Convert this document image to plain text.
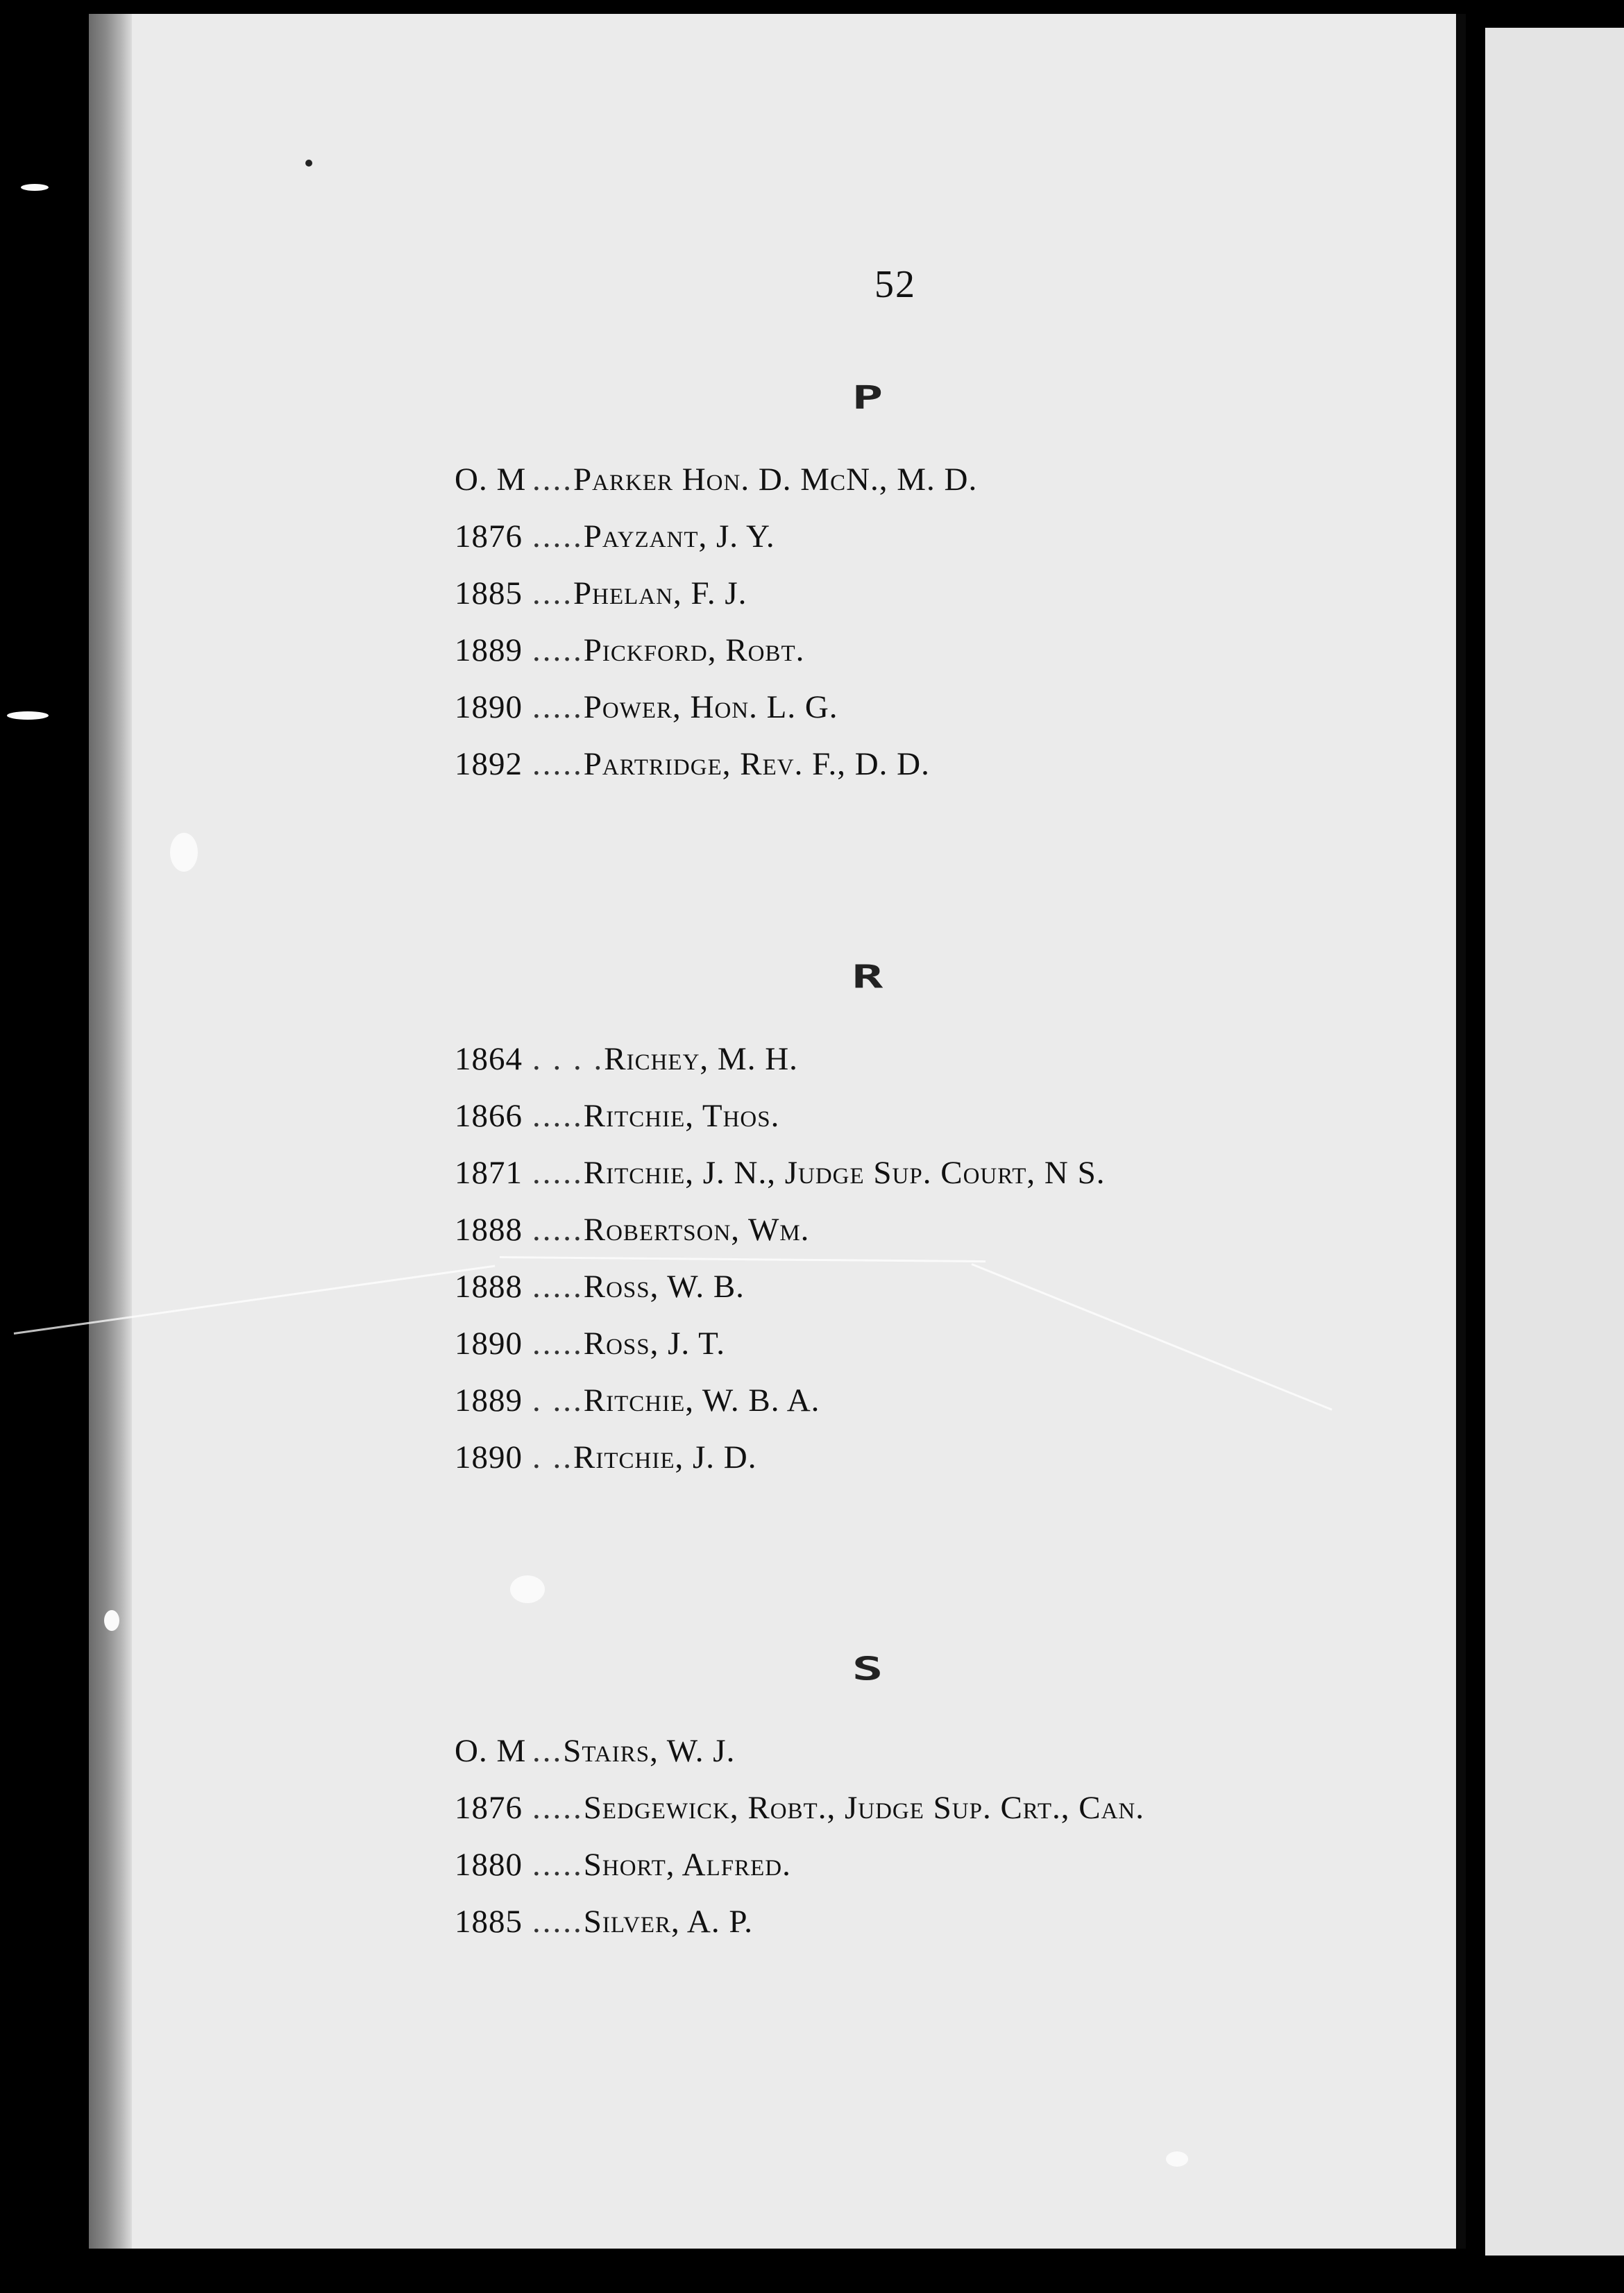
52
P
O. M ....Parker Hon. D. McN., M. D.
1876 .....Payzant, J. Y.
1885 ....Phelan, F. J.
1889 .....Pickford, Robt.
1890 .....Power, Hon. L. G.
1892 .....Partridge, Rev. F., D. D.
R
1864 . . . .Richey, M. H.
1866 .....Ritchie, Thos.
1871 .....Ritchie, J. N., Judge Sup. Court, N S.
1888 .....Robertson, Wm.
1888 .....Ross, W. B.
1890 .....Ross, J. T.
1889 . ...Ritchie, W. B. A.
1890 . ..Ritchie, J. D.
S
O. M ...Stairs, W. J.
1876 .....Sedgewick, Robt., Judge Sup. Crt., Can.
1880 .....Short, Alfred.
1885 .....Silver, A. P.
